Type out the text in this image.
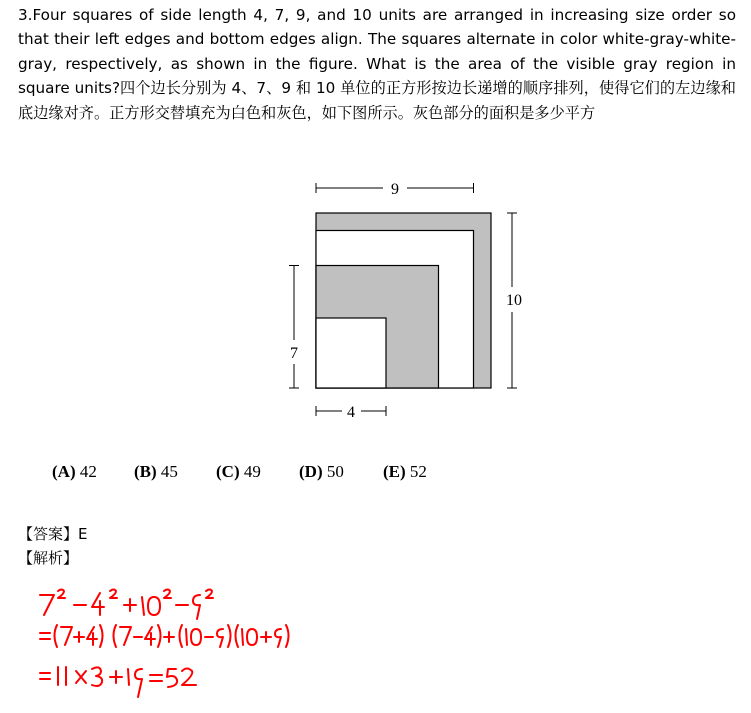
3.Four squares of side length 4, 7, 9, and 10 units are arranged in increasing size order so that their left edges and bottom edges align. The squares alternate in color white-gray-white-gray, respectively, as shown in the figure. What is the area of the visible gray region in square units?四个边长分别为 4、7、9 和 10 单位的正方形按边长递增的顺序排列，使得它们的左边缘和底边缘对齐。正方形交替填充为白色和灰色，如下图所示。灰色部分的面积是多少平方

9
10
7
4
(A) 42	(B) 45	(C) 49	(D) 50	(E) 52
【答案】E
【解析】
